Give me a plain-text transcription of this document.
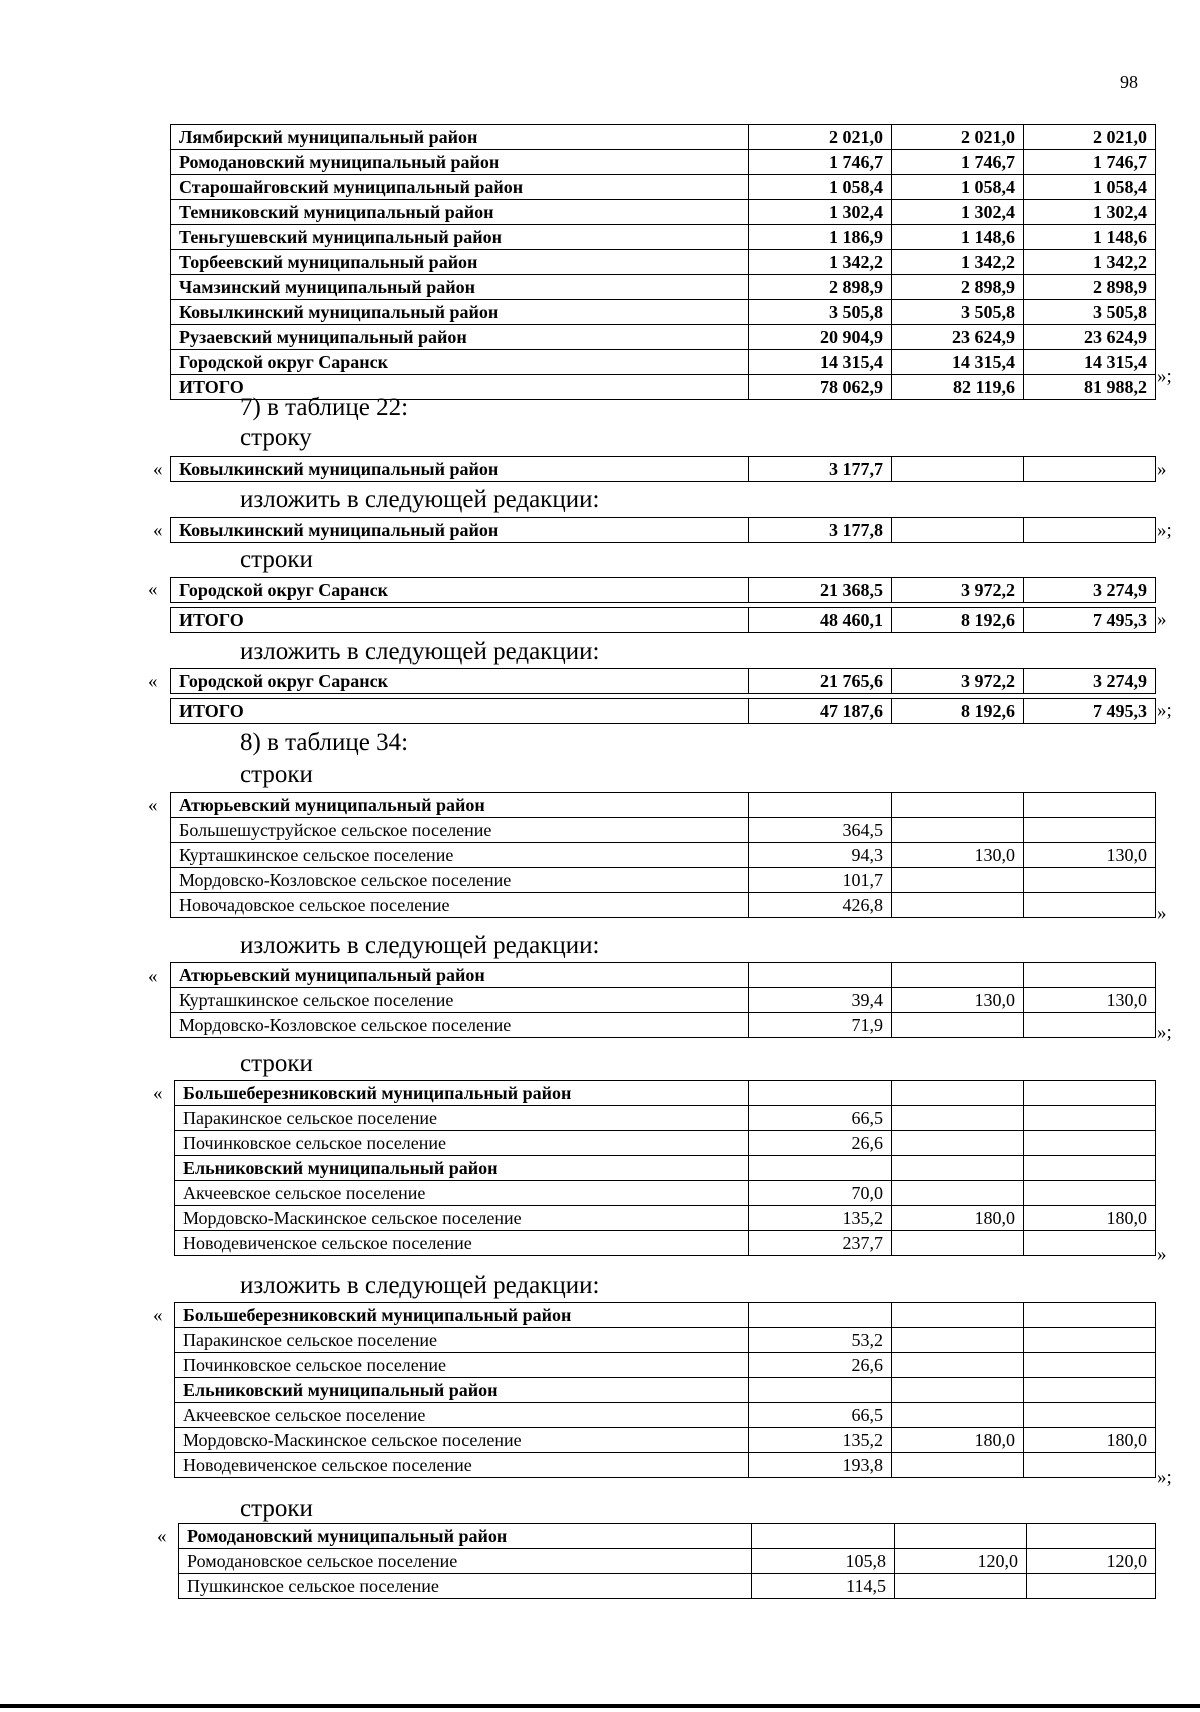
98
Лямбирский муниципальный район	2 021,0	2 021,0	2 021,0
Ромодановский муниципальный район	1 746,7	1 746,7	1 746,7
Старошайговский муниципальный район	1 058,4	1 058,4	1 058,4
Темниковский муниципальный район	1 302,4	1 302,4	1 302,4
Теньгушевский муниципальный район	1 186,9	1 148,6	1 148,6
Торбеевский муниципальный район	1 342,2	1 342,2	1 342,2
Чамзинский муниципальный район	2 898,9	2 898,9	2 898,9
Ковылкинский муниципальный район	3 505,8	3 505,8	3 505,8
Рузаевский муниципальный район	20 904,9	23 624,9	23 624,9
Городской округ Саранск	14 315,4	14 315,4	14 315,4
ИТОГО	78 062,9	82 119,6	81 988,2 »;
7) в таблице 22:
строку
« Ковылкинский муниципальный район	3 177,7			»
изложить в следующей редакции:
« Ковылкинский муниципальный район	3 177,8			»;
строки
« Городской округ Саранск	21 368,5	3 972,2	3 274,9
ИТОГО	48 460,1	8 192,6	7 495,3 »
изложить в следующей редакции:
« Городской округ Саранск	21 765,6	3 972,2	3 274,9
ИТОГО	47 187,6	8 192,6	7 495,3 »;
8) в таблице 34:
строки
« Атюрьевский муниципальный район			
Большешуструйское сельское поселение	364,5		
Курташкинское сельское поселение	94,3	130,0	130,0
Мордовско-Козловское сельское поселение	101,7		
Новочадовское сельское поселение	426,8			»
изложить в следующей редакции:
« Атюрьевский муниципальный район			
Курташкинское сельское поселение	39,4	130,0	130,0
Мордовско-Козловское сельское поселение	71,9			»;
строки
« Большеберезниковский муниципальный район			
Паракинское сельское поселение	66,5		
Починковское сельское поселение	26,6		
Ельниковский муниципальный район			
Акчеевское сельское поселение	70,0		
Мордовско-Маскинское сельское поселение	135,2	180,0	180,0
Новодевиченское сельское поселение	237,7		
»
изложить в следующей редакции:
« Большеберезниковский муниципальный район			
Паракинское сельское поселение	53,2		
Починковское сельское поселение	26,6		
Ельниковский муниципальный район			
Акчеевское сельское поселение	66,5		
Мордовско-Маскинское сельское поселение	135,2	180,0	180,0
Новодевиченское сельское поселение	193,8		
»;
строки
« Ромодановский муниципальный район			
Ромодановское сельское поселение	105,8	120,0	120,0
Пушкинское сельское поселение	114,5		
